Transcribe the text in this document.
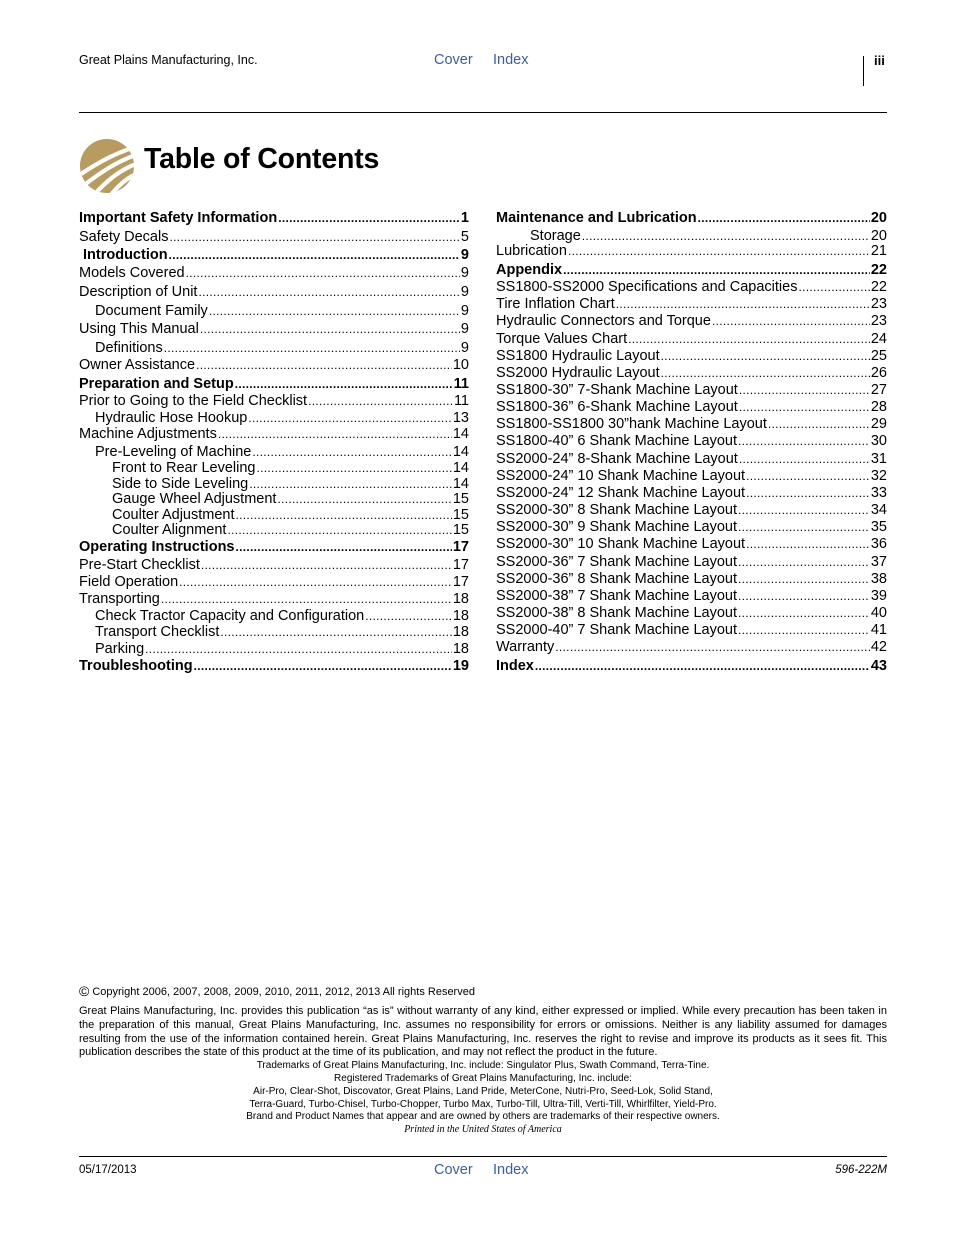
Great Plains Manufacturing, Inc.	Cover Index	iii
Table of Contents
Important Safety Information .....	1
Safety Decals .....	5
Introduction .....	9
Models Covered .....	9
Description of Unit .....	9
Document Family .....	9
Using This Manual .....	9
Definitions .....	9
Owner Assistance .....	10
Preparation and Setup .....	11
Prior to Going to the Field Checklist .....	11
Hydraulic Hose Hookup .....	13
Machine Adjustments .....	14
Pre-Leveling of Machine .....	14
Front to Rear Leveling .....	14
Side to Side Leveling .....	14
Gauge Wheel Adjustment .....	15
Coulter Adjustment .....	15
Coulter Alignment .....	15
Operating Instructions .....	17
Pre-Start Checklist .....	17
Field Operation .....	17
Transporting .....	18
Check Tractor Capacity and Configuration .....	18
Transport Checklist .....	18
Parking .....	18
Troubleshooting .....	19
Maintenance and Lubrication .....	20
Storage .....	20
Lubrication .....	21
Appendix .....	22
SS1800-SS2000 Specifications and Capacities .....	22
Tire Inflation Chart .....	23
Hydraulic Connectors and Torque .....	23
Torque Values Chart .....	24
SS1800 Hydraulic Layout .....	25
SS2000 Hydraulic Layout .....	26
SS1800-30” 7-Shank Machine Layout .....	27
SS1800-36” 6-Shank Machine Layout .....	28
SS1800-SS1800 30”hank Machine Layout .....	29
SS1800-40” 6 Shank Machine Layout .....	30
SS2000-24” 8-Shank Machine Layout .....	31
SS2000-24” 10 Shank Machine Layout .....	32
SS2000-24” 12 Shank Machine Layout .....	33
SS2000-30” 8 Shank Machine Layout .....	34
SS2000-30” 9 Shank Machine Layout .....	35
SS2000-30” 10 Shank Machine Layout .....	36
SS2000-36” 7 Shank Machine Layout .....	37
SS2000-36” 8 Shank Machine Layout .....	38
SS2000-38” 7 Shank Machine Layout .....	39
SS2000-38” 8 Shank Machine Layout .....	40
SS2000-40” 7 Shank Machine Layout .....	41
Warranty .....	42
Index .....	43
© Copyright 2006, 2007, 2008, 2009, 2010, 2011, 2012, 2013 All rights Reserved
Great Plains Manufacturing, Inc. provides this publication “as is” without warranty of any kind, either expressed or implied. While every precaution has been taken in the preparation of this manual, Great Plains Manufacturing, Inc. assumes no responsibility for errors or omissions. Neither is any liability assumed for damages resulting from the use of the information contained herein. Great Plains Manufacturing, Inc. reserves the right to revise and improve its products as it sees fit. This publication describes the state of this product at the time of its publication, and may not reflect the product in the future.
Trademarks of Great Plains Manufacturing, Inc. include: Singulator Plus, Swath Command, Terra-Tine.
Registered Trademarks of Great Plains Manufacturing, Inc. include:
Air-Pro, Clear-Shot, Discovator, Great Plains, Land Pride, MeterCone, Nutri-Pro, Seed-Lok, Solid Stand,
Terra-Guard, Turbo-Chisel, Turbo-Chopper, Turbo Max, Turbo-Till, Ultra-Till, Verti-Till, Whirlfilter, Yield-Pro.
Brand and Product Names that appear and are owned by others are trademarks of their respective owners.
Printed in the United States of America
05/17/2013	Cover Index	596-222M
